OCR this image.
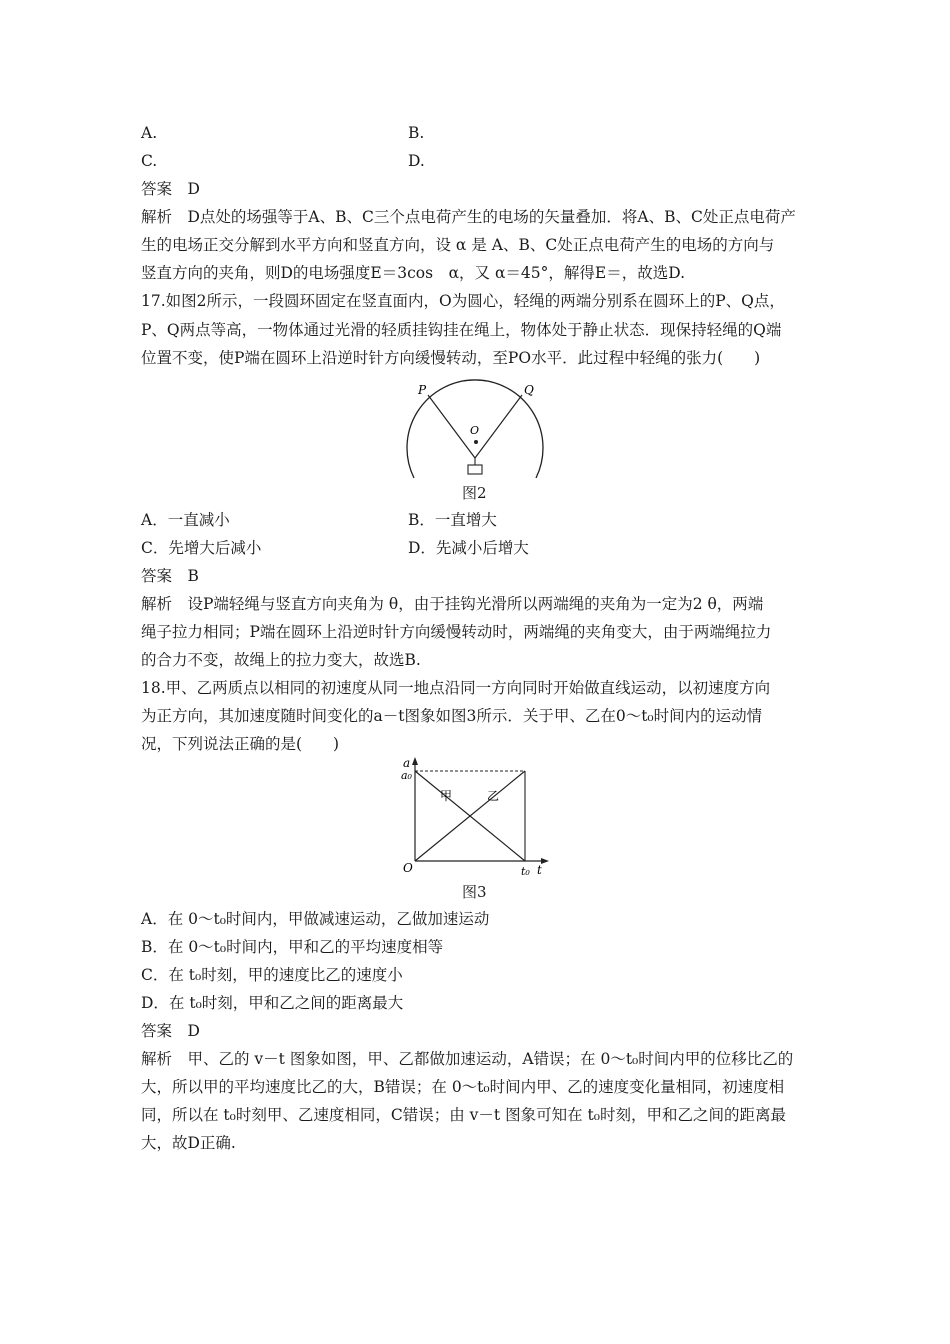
A.	B.
C.	D.
答案　D
解析　D点处的场强等于A、B、C三个点电荷产生的电场的矢量叠加．将A、B、C处正点电荷产
生的电场正交分解到水平方向和竖直方向，设 α 是 A、B、C处正点电荷产生的电场的方向与
竖直方向的夹角，则D的电场强度E＝3cos　α，又 α＝45°，解得E＝，故选D.
17.如图2所示，一段圆环固定在竖直面内，O为圆心，轻绳的两端分别系在圆环上的P、Q点，
P、Q两点等高，一物体通过光滑的轻质挂钩挂在绳上，物体处于静止状态．现保持轻绳的Q端
位置不变，使P端在圆环上沿逆时针方向缓慢转动，至PO水平．此过程中轻绳的张力(　　)
P	Q
O
图2
A．一直减小	B．一直增大
C．先增大后减小	D．先减小后增大
答案　B
解析　设P端轻绳与竖直方向夹角为 θ，由于挂钩光滑所以两端绳的夹角为一定为2 θ，两端
绳子拉力相同；P端在圆环上沿逆时针方向缓慢转动时，两端绳的夹角变大，由于两端绳拉力
的合力不变，故绳上的拉力变大，故选B.
18.甲、乙两质点以相同的初速度从同一地点沿同一方向同时开始做直线运动，以初速度方向
为正方向，其加速度随时间变化的a－t图象如图3所示．关于甲、乙在0～t₀时间内的运动情
况，下列说法正确的是(　　)
a
a₀
O	t₀ t
甲	乙
图3
A．在 0～t₀时间内，甲做减速运动，乙做加速运动
B．在 0～t₀时间内，甲和乙的平均速度相等
C．在 t₀时刻，甲的速度比乙的速度小
D．在 t₀时刻，甲和乙之间的距离最大
答案　D
解析　甲、乙的 v－t 图象如图，甲、乙都做加速运动，A错误；在 0～t₀时间内甲的位移比乙的
大，所以甲的平均速度比乙的大，B错误；在 0～t₀时间内甲、乙的速度变化量相同，初速度相
同，所以在 t₀时刻甲、乙速度相同，C错误；由 v－t 图象可知在 t₀时刻，甲和乙之间的距离最
大，故D正确.
